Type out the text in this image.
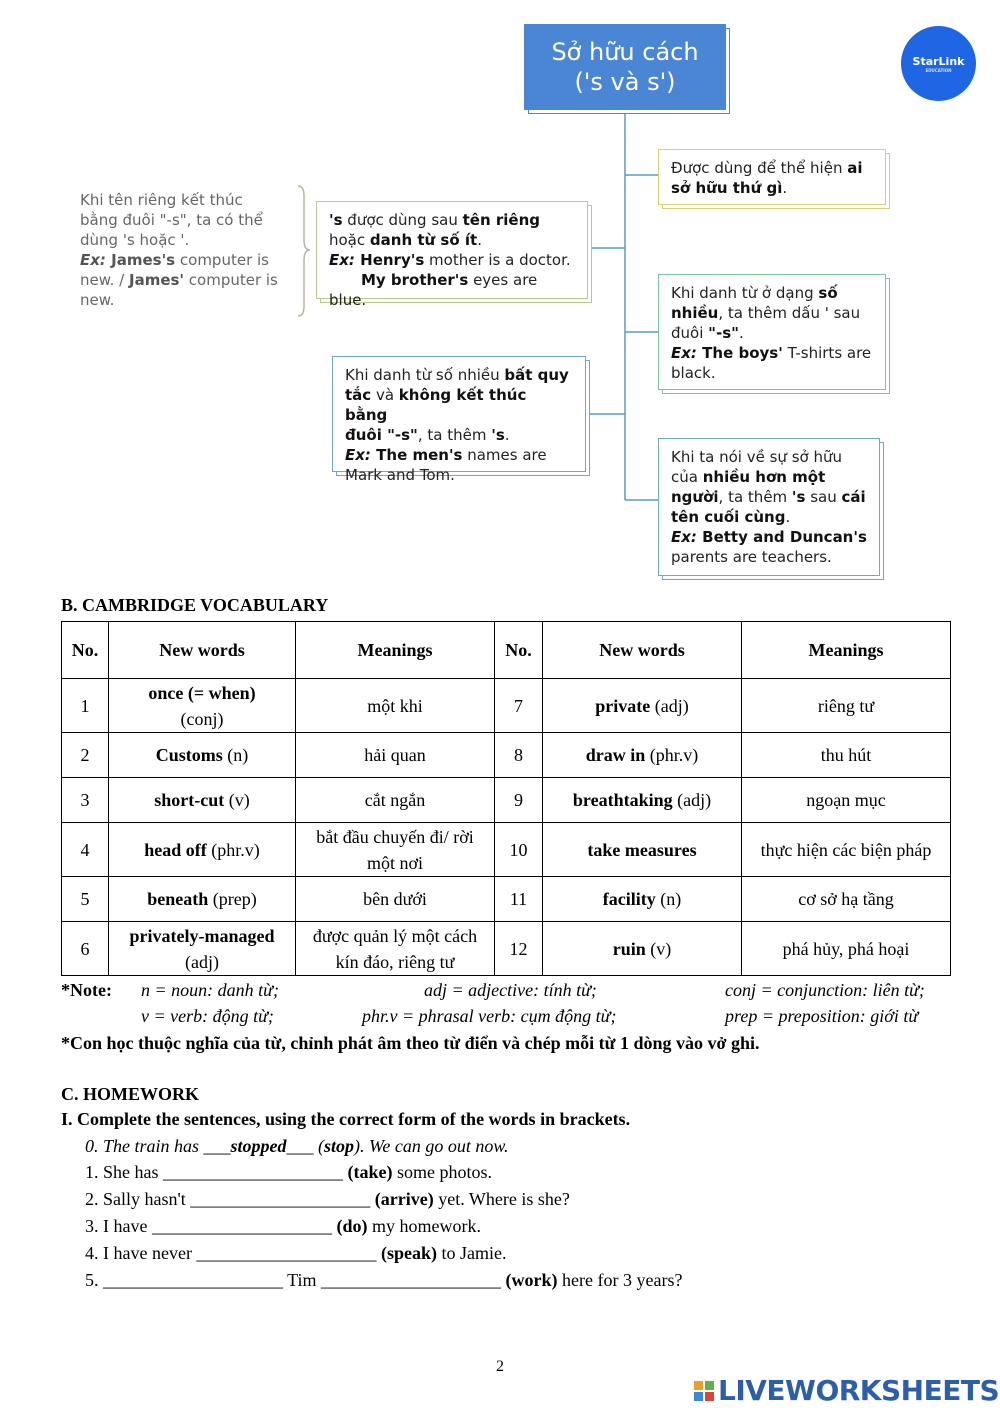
Sở hữu cách
('s và s')
StarLink
EDUCATION
Khi tên riêng kết thúc
bằng đuôi "-s", ta có thể
dùng 's hoặc '.
Ex: James's computer is
new. / James' computer is
new.
Được dùng để thể hiện ai
sở hữu thứ gì.
's được dùng sau tên riêng
hoặc danh từ số ít.
Ex: Henry's mother is a doctor.
My brother's eyes are blue.	Khi danh từ ở dạng số
nhiều, ta thêm dấu ' sau
đuôi "-s".
Ex: The boys' T-shirts are
black.
Khi danh từ số nhiều bất quy
tắc và không kết thúc bằng
đuôi "-s", ta thêm 's.
Ex: The men's names are
Mark and Tom.
Khi ta nói về sự sở hữu
của nhiều hơn một
người, ta thêm 's sau cái
tên cuối cùng.
Ex: Betty and Duncan's
parents are teachers.
B. CAMBRIDGE VOCABULARY
No.	New words	Meanings	No.	New words	Meanings
1	once (= when)
(conj)	một khi	7	private (adj)	riêng tư
2	Customs (n)	hải quan	8	draw in (phr.v)	thu hút
3	short-cut (v)	cắt ngắn	9	breathtaking (adj)	ngoạn mục
4	head off (phr.v)	bắt đầu chuyến đi/ rời một nơi	10	take measures	thực hiện các biện pháp
5	beneath (prep)	bên dưới	11	facility (n)	cơ sở hạ tầng
6	privately-managed
(adj)	được quản lý một cách kín đáo, riêng tư	12	ruin (v)	phá hủy, phá hoại
*Note: n = noun: danh từ;	adj = adjective: tính từ;	conj = conjunction: liên từ;
v = verb: động từ;	phr.v = phrasal verb: cụm động từ;	prep = preposition: giới từ
*Con học thuộc nghĩa của từ, chỉnh phát âm theo từ điển và chép mỗi từ 1 dòng vào vở ghi.
C. HOMEWORK
I. Complete the sentences, using the correct form of the words in brackets.
0. The train has ___stopped___ (stop). We can go out now.
1. She has ____________________ (take) some photos.
2. Sally hasn't ____________________ (arrive) yet. Where is she?
3. I have ____________________ (do) my homework.
4. I have never ____________________ (speak) to Jamie.
5. ____________________ Tim ____________________ (work) here for 3 years?
2
LIVEWORKSHEETS
